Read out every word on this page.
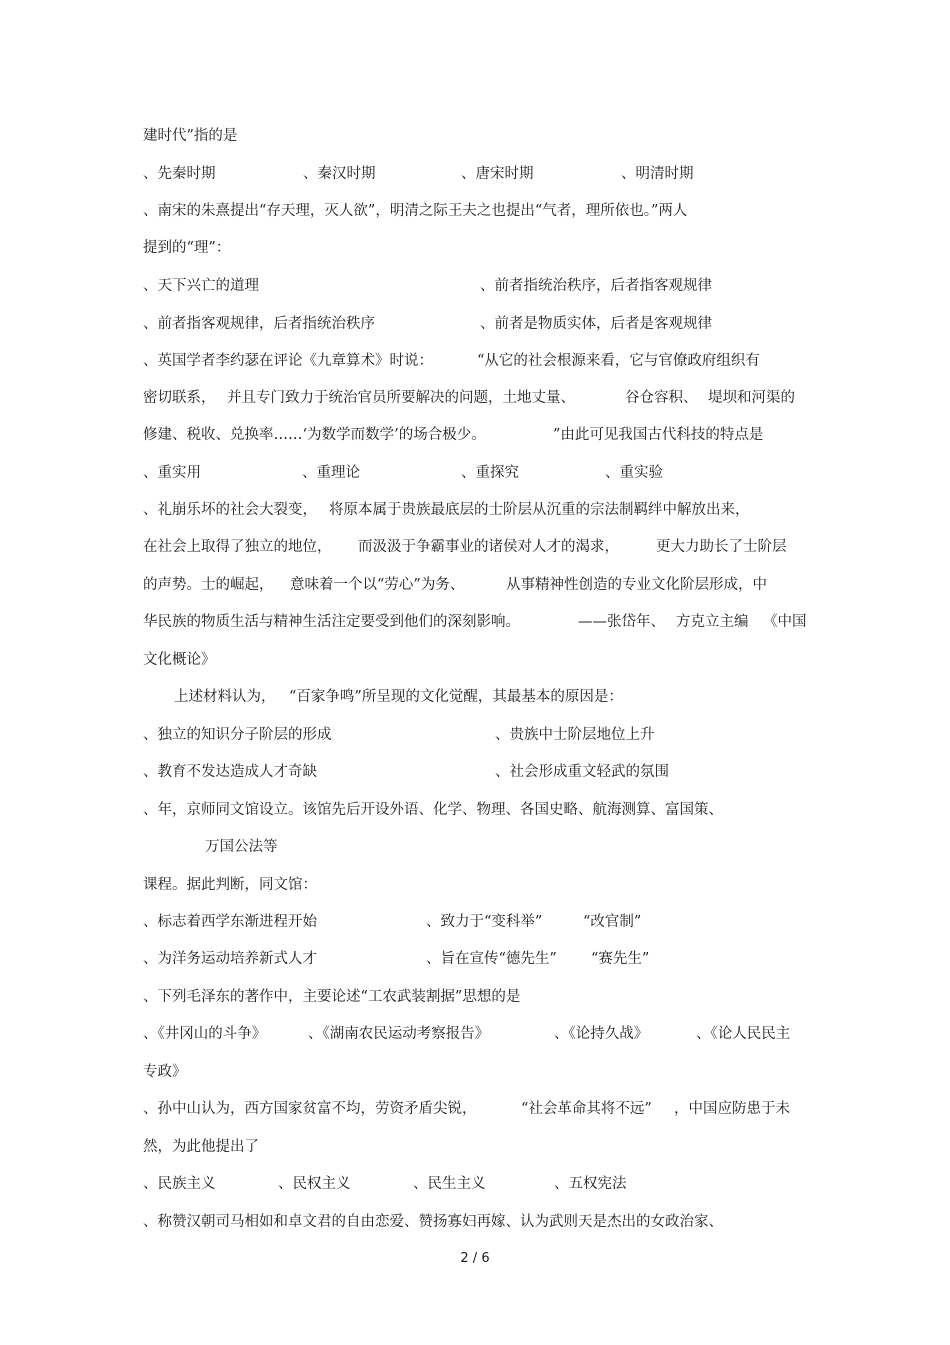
建时代”指的是
、先秦时期	、秦汉时期	、唐宋时期	、明清时期
、南宋的朱熹提出“存天理，灭人欲”，明清之际王夫之也提出“气者，理所依也。”两人
提到的“理”：
、天下兴亡的道理	、前者指统治秩序，后者指客观规律
、前者指客观规律，后者指统治秩序	、前者是物质实体，后者是客观规律
、英国学者李约瑟在评论《九章算术》时说：	“从它的社会根源来看，它与官僚政府组织有
密切联系， 并且专门致力于统治官员所要解决的问题，土地丈量、	谷仓容积、 堤坝和河渠的
修建、税收、兑换率……‘为数学而数学’的场合极少。	”由此可见我国古代科技的特点是
、重实用	、重理论	、重探究	、重实验
、礼崩乐坏的社会大裂变， 将原本属于贵族最底层的士阶层从沉重的宗法制羁绊中解放出来，
在社会上取得了独立的地位， 而汲汲于争霸事业的诸侯对人才的渴求，	更大力助长了士阶层
的声势。士的崛起， 意味着一个以“劳心”为务、	从事精神性创造的专业文化阶层形成，中
华民族的物质生活与精神生活注定要受到他们的深刻影响。	——张岱年、 方克立主编 《中国
文化概论》
上述材料认为， “百家争鸣”所呈现的文化觉醒，其最基本的原因是：
、独立的知识分子阶层的形成	、贵族中士阶层地位上升
、教育不发达造成人才奇缺	、社会形成重文轻武的氛围
、年，京师同文馆设立。该馆先后开设外语、化学、物理、各国史略、航海测算、富国策、
万国公法等
课程。据此判断，同文馆：
、标志着西学东渐进程开始	、致力于“变科举”	“改官制”
、为洋务运动培养新式人才	、旨在宣传“德先生” “赛先生”
、下列毛泽东的著作中，主要论述“工农武装割据”思想的是
、《井冈山的斗争》	、《湖南农民运动考察报告》	、《论持久战》	、《论人民民主
专政》
、孙中山认为，西方国家贫富不均，劳资矛盾尖锐，	“社会革命其将不远” ，中国应防患于未
然，为此他提出了
、民族主义	、民权主义	、民生主义	、五权宪法
、称赞汉朝司马相如和卓文君的自由恋爱、赞扬寡妇再嫁、认为武则天是杰出的女政治家、
2 / 6
